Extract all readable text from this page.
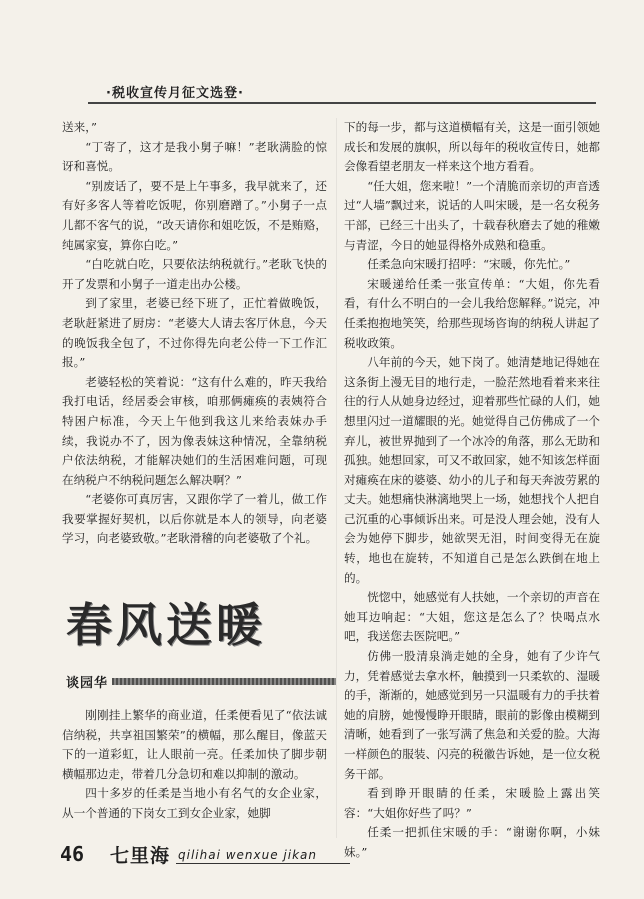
·税收宣传月征文选登·

送来，”

“丁寄了，这才是我小舅子嘛！”老耿满脸的惊讶和喜悦。

“别废话了，要不是上午事多，我早就来了，还有好多客人等着吃饭呢，你别磨蹭了。”小舅子一点儿都不客气的说，“改天请你和姐吃饭，不是贿赂，纯属家宴，算你白吃。”

“白吃就白吃，只要依法纳税就行。”老耿飞快的开了发票和小舅子一道走出办公楼。

到了家里，老婆已经下班了，正忙着做晚饭，老耿赶紧进了厨房：“老婆大人请去客厅休息，今天的晚饭我全包了，不过你得先向老公侍一下工作汇报。”

老婆轻松的笑着说：“这有什么难的，昨天我给我打电话，经居委会审核，咱那俩瘫痪的表姨符合特困户标准，今天上午他到我这儿来给表妹办手续，我说办不了，因为像表妹这种情况，全靠纳税户依法纳税，才能解决她们的生活困难问题，可现在纳税户不纳税问题怎么解决啊？”

“老婆你可真厉害，又跟你学了一着儿，做工作我要掌握好契机，以后你就是本人的领导，向老婆学习，向老婆致敬。”老耿滑稽的向老婆敬了个礼。

春风送暖
谈园华

刚刚挂上繁华的商业道，任柔便看见了“依法诚信纳税，共享祖国繁荣”的横幅，那么醒目，像蓝天下的一道彩虹，让人眼前一亮。任柔加快了脚步朝横幅那边走，带着几分急切和难以抑制的激动。

四十多岁的任柔是当地小有名气的女企业家，从一个普通的下岗女工到女企业家，她脚

下的每一步，都与这道横幅有关，这是一面引领她成长和发展的旗帜，所以每年的税收宣传日，她都会像看望老朋友一样来这个地方看看。

“任大姐，您来啦！”一个清脆而亲切的声音透过“人墙”飘过来，说话的人叫宋暖，是一名女税务干部，已经三十出头了，十载春秋磨去了她的稚嫩与青涩，今日的她显得格外成熟和稳重。

任柔急向宋暖打招呼：“宋暖，你先忙。”

宋暖递给任柔一张宣传单：“大姐，你先看看，有什么不明白的一会儿我给您解释。”说完，冲任柔抱抱地笑笑，给那些现场咨询的纳税人讲起了税收政策。

八年前的今天，她下岗了。她清楚地记得她在这条街上漫无目的地行走，一脸茫然地看着来来往往的行人从她身边经过，迎着那些忙碌的人们，她想里闪过一道耀眼的光。她觉得自己仿佛成了一个弃儿，被世界抛到了一个冰冷的角落，那么无助和孤独。她想回家，可又不敢回家，她不知该怎样面对瘫痪在床的婆婆、幼小的儿子和每天奔波劳累的丈夫。她想痛快淋漓地哭上一场，她想找个人把自己沉重的心事倾诉出来。可是没人理会她，没有人会为她停下脚步，她欲哭无泪，时间变得无在旋转，地也在旋转，不知道自己是怎么跌倒在地上的。

恍惚中，她感觉有人扶她，一个亲切的声音在她耳边响起：“大姐，您这是怎么了？快喝点水吧，我送您去医院吧。”

仿佛一股清泉淌走她的全身，她有了少许气力，凭着感觉去拿水杯，触摸到一只柔软的、湿暖的手，渐渐的，她感觉到另一只温暖有力的手扶着她的肩膀，她慢慢睁开眼睛，眼前的影像由模糊到清晰，她看到了一张写满了焦急和关爱的脸。大海一样颜色的服装、闪亮的税徽告诉她，是一位女税务干部。

看到睁开眼睛的任柔，宋暖脸上露出笑容：“大姐你好些了吗？”

任柔一把抓住宋暖的手：“谢谢你啊，小妹妹。”

46 七里海 qilihai wenxue jikan
